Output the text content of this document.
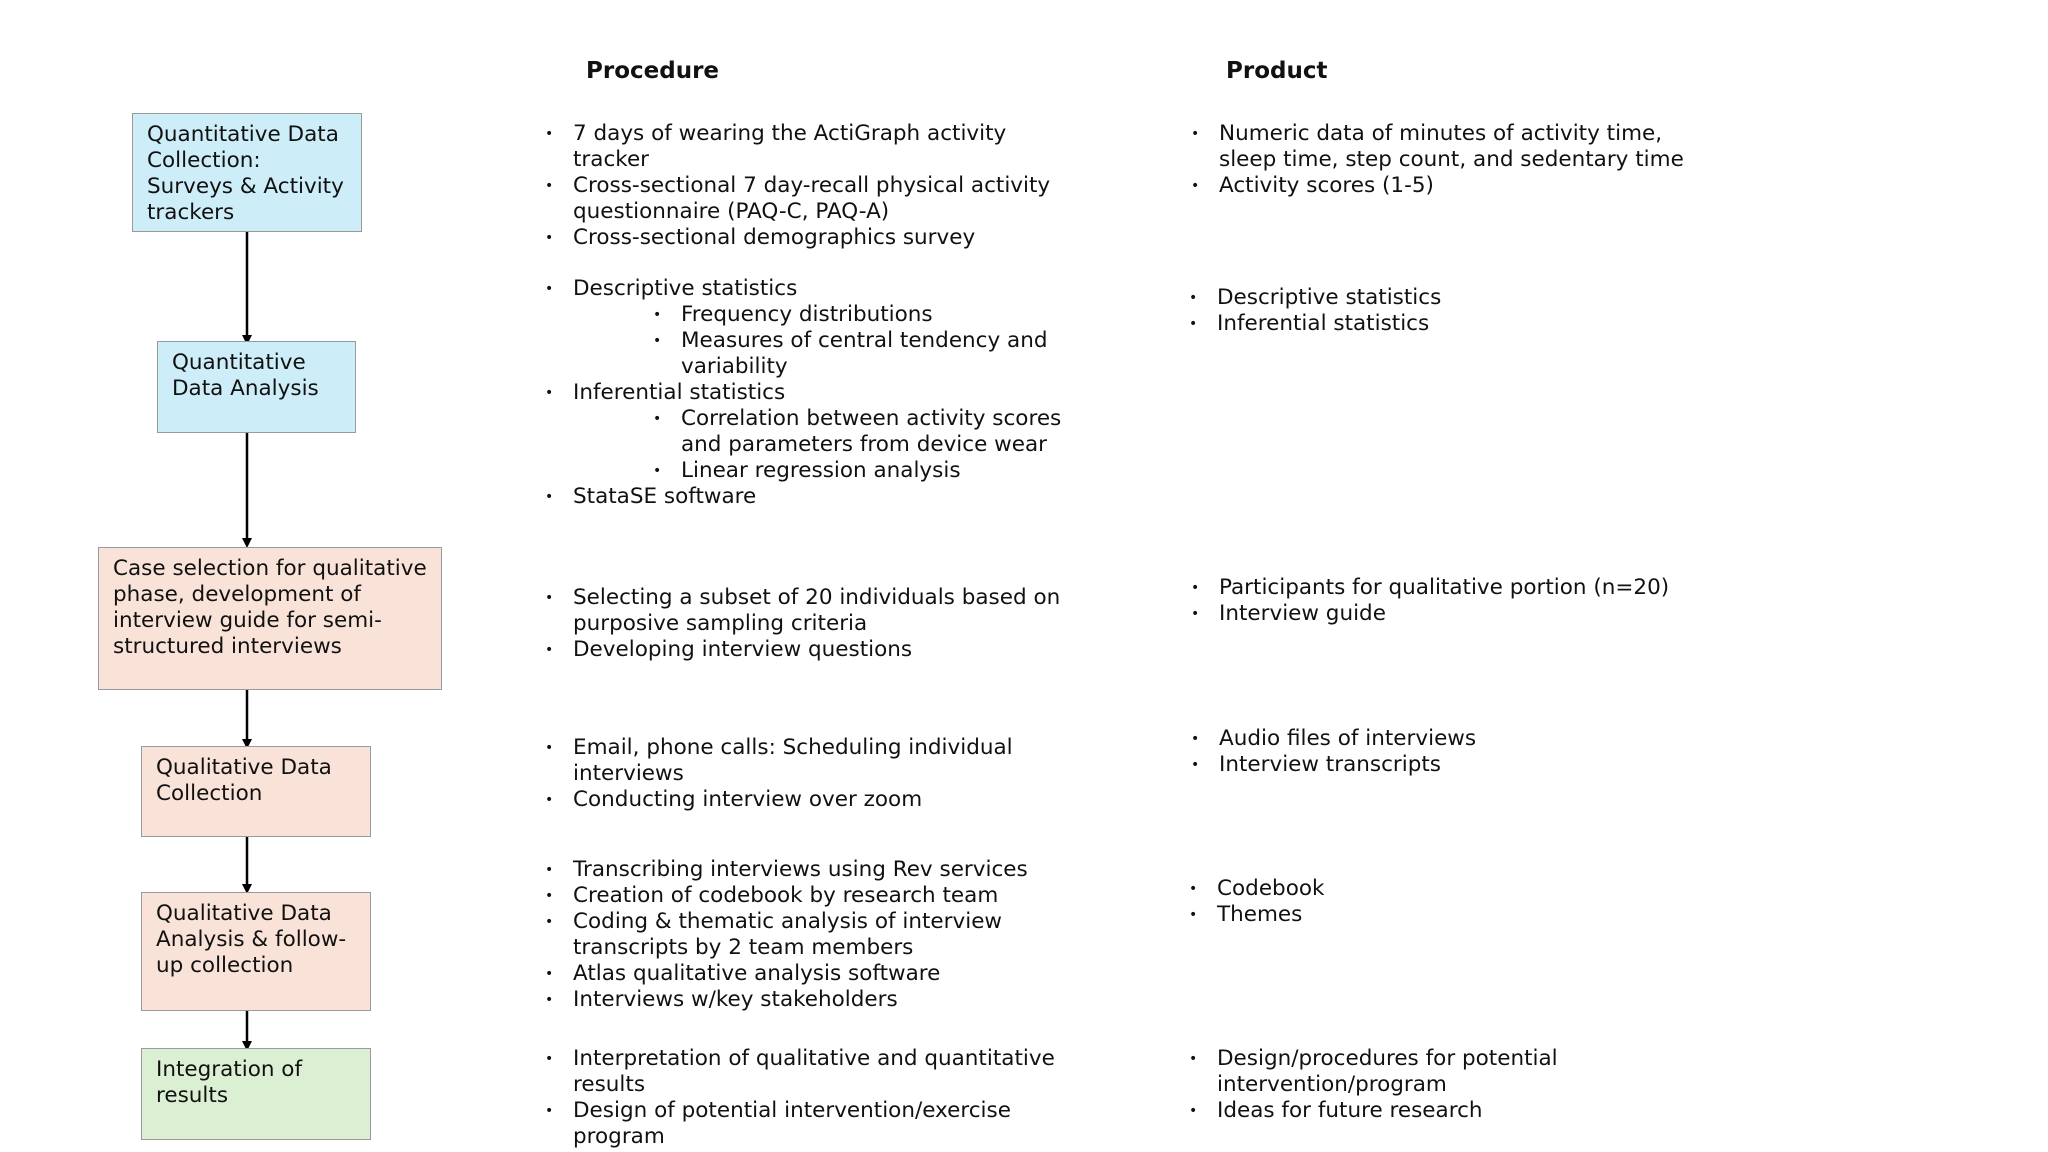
Procedure	Product
Quantitative Data Collection: Surveys & Activity trackers
Quantitative Data Analysis
Case selection for qualitative phase, development of interview guide for semi-structured interviews
Qualitative Data Collection
Qualitative Data Analysis & follow-up collection
Integration of results
• 7 days of wearing the ActiGraph activity tracker
• Cross-sectional 7 day-recall physical activity questionnaire (PAQ-C, PAQ-A)
• Cross-sectional demographics survey
• Descriptive statistics
• Frequency distributions
• Measures of central tendency and variability
• Inferential statistics
• Correlation between activity scores and parameters from device wear
• Linear regression analysis
• StataSE software
• Selecting a subset of 20 individuals based on purposive sampling criteria
• Developing interview questions
• Email, phone calls: Scheduling individual interviews
• Conducting interview over zoom
• Transcribing interviews using Rev services
• Creation of codebook by research team
• Coding & thematic analysis of interview transcripts by 2 team members
• Atlas qualitative analysis software
• Interviews w/key stakeholders
• Interpretation of qualitative and quantitative results
• Design of potential intervention/exercise program
• Numeric data of minutes of activity time, sleep time, step count, and sedentary time
• Activity scores (1-5)
• Descriptive statistics
• Inferential statistics
• Participants for qualitative portion (n=20)
• Interview guide
• Audio files of interviews
• Interview transcripts
• Codebook
• Themes
• Design/procedures for potential intervention/program
• Ideas for future research
